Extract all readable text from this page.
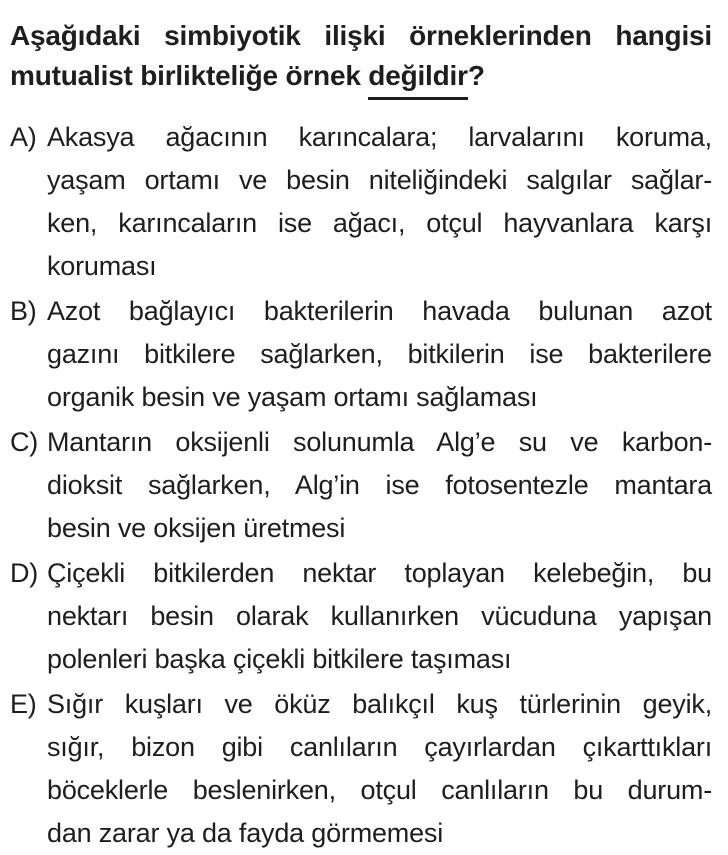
Aşağıdaki simbiyotik ilişki örneklerinden hangisi
mutualist birlikteliğe örnek değildir?
A) Akasya ağacının karıncalara; larvalarını koruma,
yaşam ortamı ve besin niteliğindeki salgılar sağlar-
ken, karıncaların ise ağacı, otçul hayvanlara karşı
koruması
B) Azot bağlayıcı bakterilerin havada bulunan azot
gazını bitkilere sağlarken, bitkilerin ise bakterilere
organik besin ve yaşam ortamı sağlaması
C) Mantarın oksijenli solunumla Alg’e su ve karbon-
dioksit sağlarken, Alg’in ise fotosentezle mantara
besin ve oksijen üretmesi
D) Çiçekli bitkilerden nektar toplayan kelebeğin, bu
nektarı besin olarak kullanırken vücuduna yapışan
polenleri başka çiçekli bitkilere taşıması
E) Sığır kuşları ve öküz balıkçıl kuş türlerinin geyik,
sığır, bizon gibi canlıların çayırlardan çıkarttıkları
böceklerle beslenirken, otçul canlıların bu durum-
dan zarar ya da fayda görmemesi
